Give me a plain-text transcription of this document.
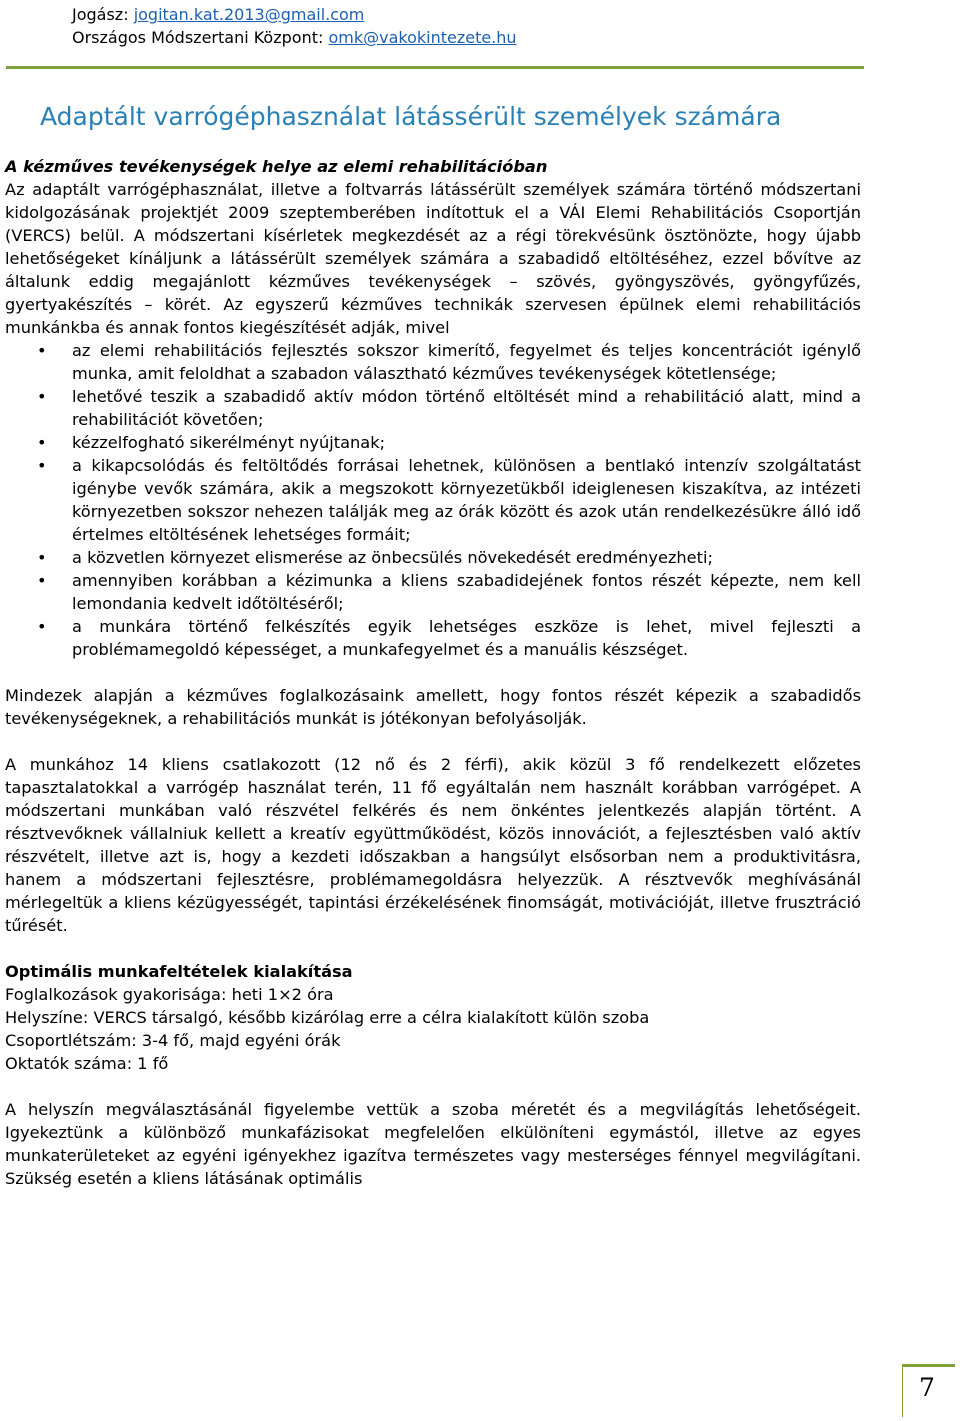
Jogász: jogitan.kat.2013@gmail.com
Országos Módszertani Központ: omk@vakokintezete.hu
Adaptált varrógéphasználat látássérült személyek számára

A kézműves tevékenységek helye az elemi rehabilitációban

Az adaptált varrógéphasználat, illetve a foltvarrás látássérült személyek számára történő módszertani kidolgozásának projektjét 2009 szeptemberében indítottuk el a VÁI Elemi Rehabilitációs Csoportján (VERCS) belül. A módszertani kísérletek megkezdését az a régi törekvésünk ösztönözte, hogy újabb lehetőségeket kínáljunk a látássérült személyek számára a szabadidő eltöltéséhez, ezzel bővítve az általunk eddig megajánlott kézműves tevékenységek – szövés, gyöngyszövés, gyöngyfűzés, gyertyakészítés – körét. Az egyszerű kézműves technikák szervesen épülnek elemi rehabilitációs munkánkba és annak fontos kiegészítését adják, mivel

• az elemi rehabilitációs fejlesztés sokszor kimerítő, fegyelmet és teljes koncentrációt igénylő munka, amit feloldhat a szabadon választható kézműves tevékenységek kötetlensége;
• lehetővé teszik a szabadidő aktív módon történő eltöltését mind a rehabilitáció alatt, mind a rehabilitációt követően;
• kézzelfogható sikerélményt nyújtanak;
• a kikapcsolódás és feltöltődés forrásai lehetnek, különösen a bentlakó intenzív szolgáltatást igénybe vevők számára, akik a megszokott környezetükből ideiglenesen kiszakítva, az intézeti környezetben sokszor nehezen találják meg az órák között és azok után rendelkezésükre álló idő értelmes eltöltésének lehetséges formáit;
• a közvetlen környezet elismerése az önbecsülés növekedését eredményezheti;
• amennyiben korábban a kézimunka a kliens szabadidejének fontos részét képezte, nem kell lemondania kedvelt időtöltéséről;
• a munkára történő felkészítés egyik lehetséges eszköze is lehet, mivel fejleszti a problémamegoldó képességet, a munkafegyelmet és a manuális készséget.

Mindezek alapján a kézműves foglalkozásaink amellett, hogy fontos részét képezik a szabadidős tevékenységeknek, a rehabilitációs munkát is jótékonyan befolyásolják.

A munkához 14 kliens csatlakozott (12 nő és 2 férfi), akik közül 3 fő rendelkezett előzetes tapasztalatokkal a varrógép használat terén, 11 fő egyáltalán nem használt korábban varrógépet. A módszertani munkában való részvétel felkérés és nem önkéntes jelentkezés alapján történt. A résztvevőknek vállalniuk kellett a kreatív együttműködést, közös innovációt, a fejlesztésben való aktív részvételt, illetve azt is, hogy a kezdeti időszakban a hangsúlyt elsősorban nem a produktivitásra, hanem a módszertani fejlesztésre, problémamegoldásra helyezzük. A résztvevők meghívásánál mérlegeltük a kliens kézügyességét, tapintási érzékelésének finomságát, motivációját, illetve frusztráció tűrését.

Optimális munkafeltételek kialakítása

Foglalkozások gyakorisága: heti 1×2 óra

Helyszíne: VERCS társalgó, később kizárólag erre a célra kialakított külön szoba

Csoportlétszám: 3-4 fő, majd egyéni órák

Oktatók száma: 1 fő

A helyszín megválasztásánál figyelembe vettük a szoba méretét és a megvilágítás lehetőségeit. Igyekeztünk a különböző munkafázisokat megfelelően elkülöníteni egymástól, illetve az egyes munkaterületeket az egyéni igényekhez igazítva természetes vagy mesterséges fénnyel megvilágítani. Szükség esetén a kliens látásának optimális

7
